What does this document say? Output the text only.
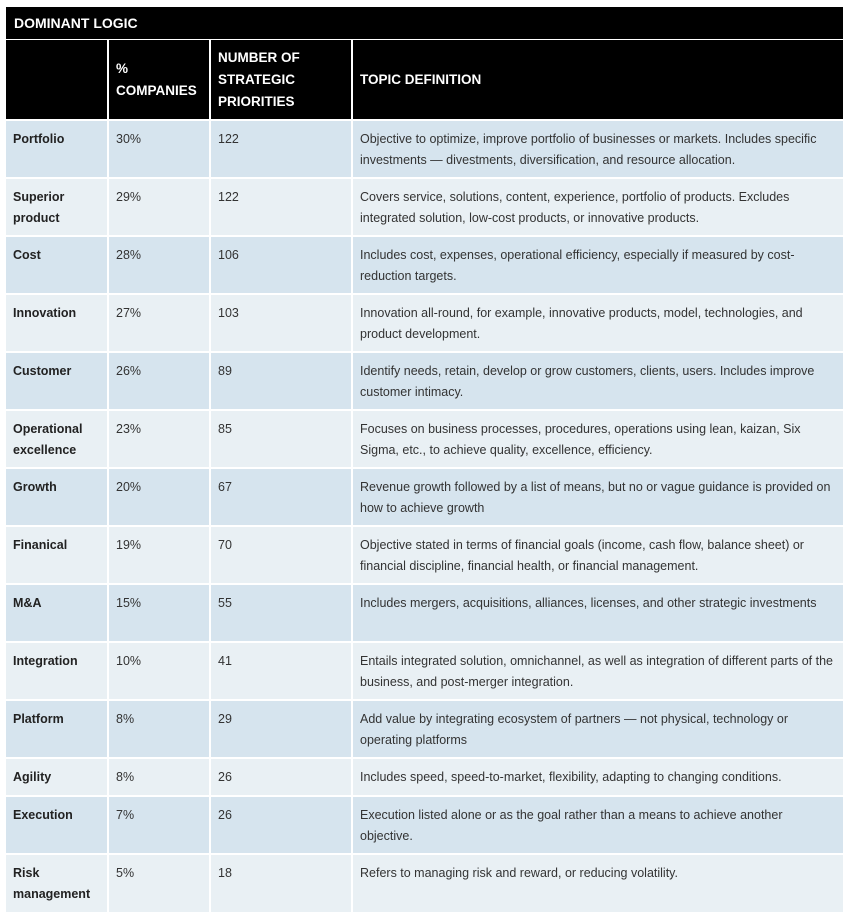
DOMINANT LOGIC
	% COMPANIES	NUMBER OF STRATEGIC PRIORITIES	TOPIC DEFINITION
Portfolio	30%	122	Objective to optimize, improve portfolio of businesses or markets. Includes specific investments — divestments, diversification, and resource allocation.
Superior product	29%	122	Covers service, solutions, content, experience, portfolio of products. Excludes integrated solution, low-cost products, or innovative products.
Cost	28%	106	Includes cost, expenses, operational efficiency, especially if measured by cost-reduction targets.
Innovation	27%	103	Innovation all-round, for example, innovative products, model, technologies, and product development.
Customer	26%	89	Identify needs, retain, develop or grow customers, clients, users. Includes improve customer intimacy.
Operational excellence	23%	85	Focuses on business processes, procedures, operations using lean, kaizan, Six Sigma, etc., to achieve quality, excellence, efficiency.
Growth	20%	67	Revenue growth followed by a list of means, but no or vague guidance is provided on how to achieve growth
Finanical	19%	70	Objective stated in terms of financial goals (income, cash flow, balance sheet) or financial discipline, financial health, or financial management.
M&A	15%	55	Includes mergers, acquisitions, alliances, licenses, and other strategic investments
Integration	10%	41	Entails integrated solution, omnichannel, as well as integration of different parts of the business, and post-merger integration.
Platform	8%	29	Add value by integrating ecosystem of partners — not physical, technology or operating platforms
Agility	8%	26	Includes speed, speed-to-market, flexibility, adapting to changing conditions.
Execution	7%	26	Execution listed alone or as the goal rather than a means to achieve another objective.
Risk management	5%	18	Refers to managing risk and reward, or reducing volatility.
